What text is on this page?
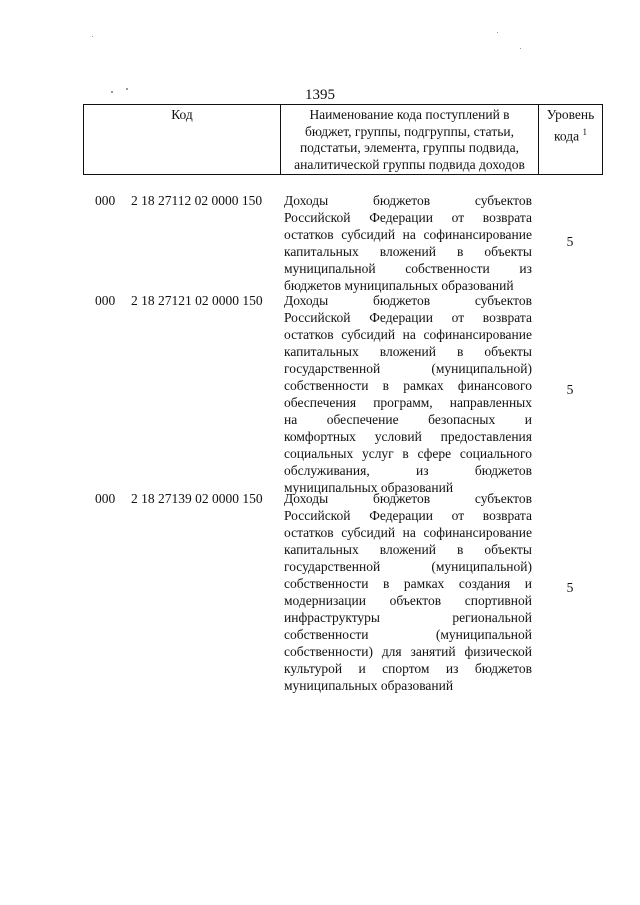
1395
Код	Наименование кода поступлений в
бюджет, группы, подгруппы, статьи,
подстатьи, элемента, группы подвида,
аналитической группы подвида доходов
Уровень
кода $^1$
000 2 18 27112 02 0000 150 Доходы бюджетов субъектов
Российской Федерации от возврата
остатков субсидий на софинансирование
капитальных вложений в объекты
муниципальной собственности из
бюджетов муниципальных образований
5
000 2 18 27121 02 0000 150 Доходы бюджетов субъектов
Российской Федерации от возврата
остатков субсидий на софинансирование
капитальных вложений в объекты
государственной (муниципальной)
собственности в рамках финансового
обеспечения программ, направленных
на обеспечение безопасных и
комфортных условий предоставления
социальных услуг в сфере социального
обслуживания, из бюджетов
муниципальных образований
5
000 2 18 27139 02 0000 150 Доходы бюджетов субъектов
Российской Федерации от возврата
остатков субсидий на софинансирование
капитальных вложений в объекты
государственной (муниципальной)
собственности в рамках создания и
модернизации объектов спортивной
инфраструктуры региональной
собственности (муниципальной
собственности) для занятий физической
культурой и спортом из бюджетов
муниципальных образований
5
